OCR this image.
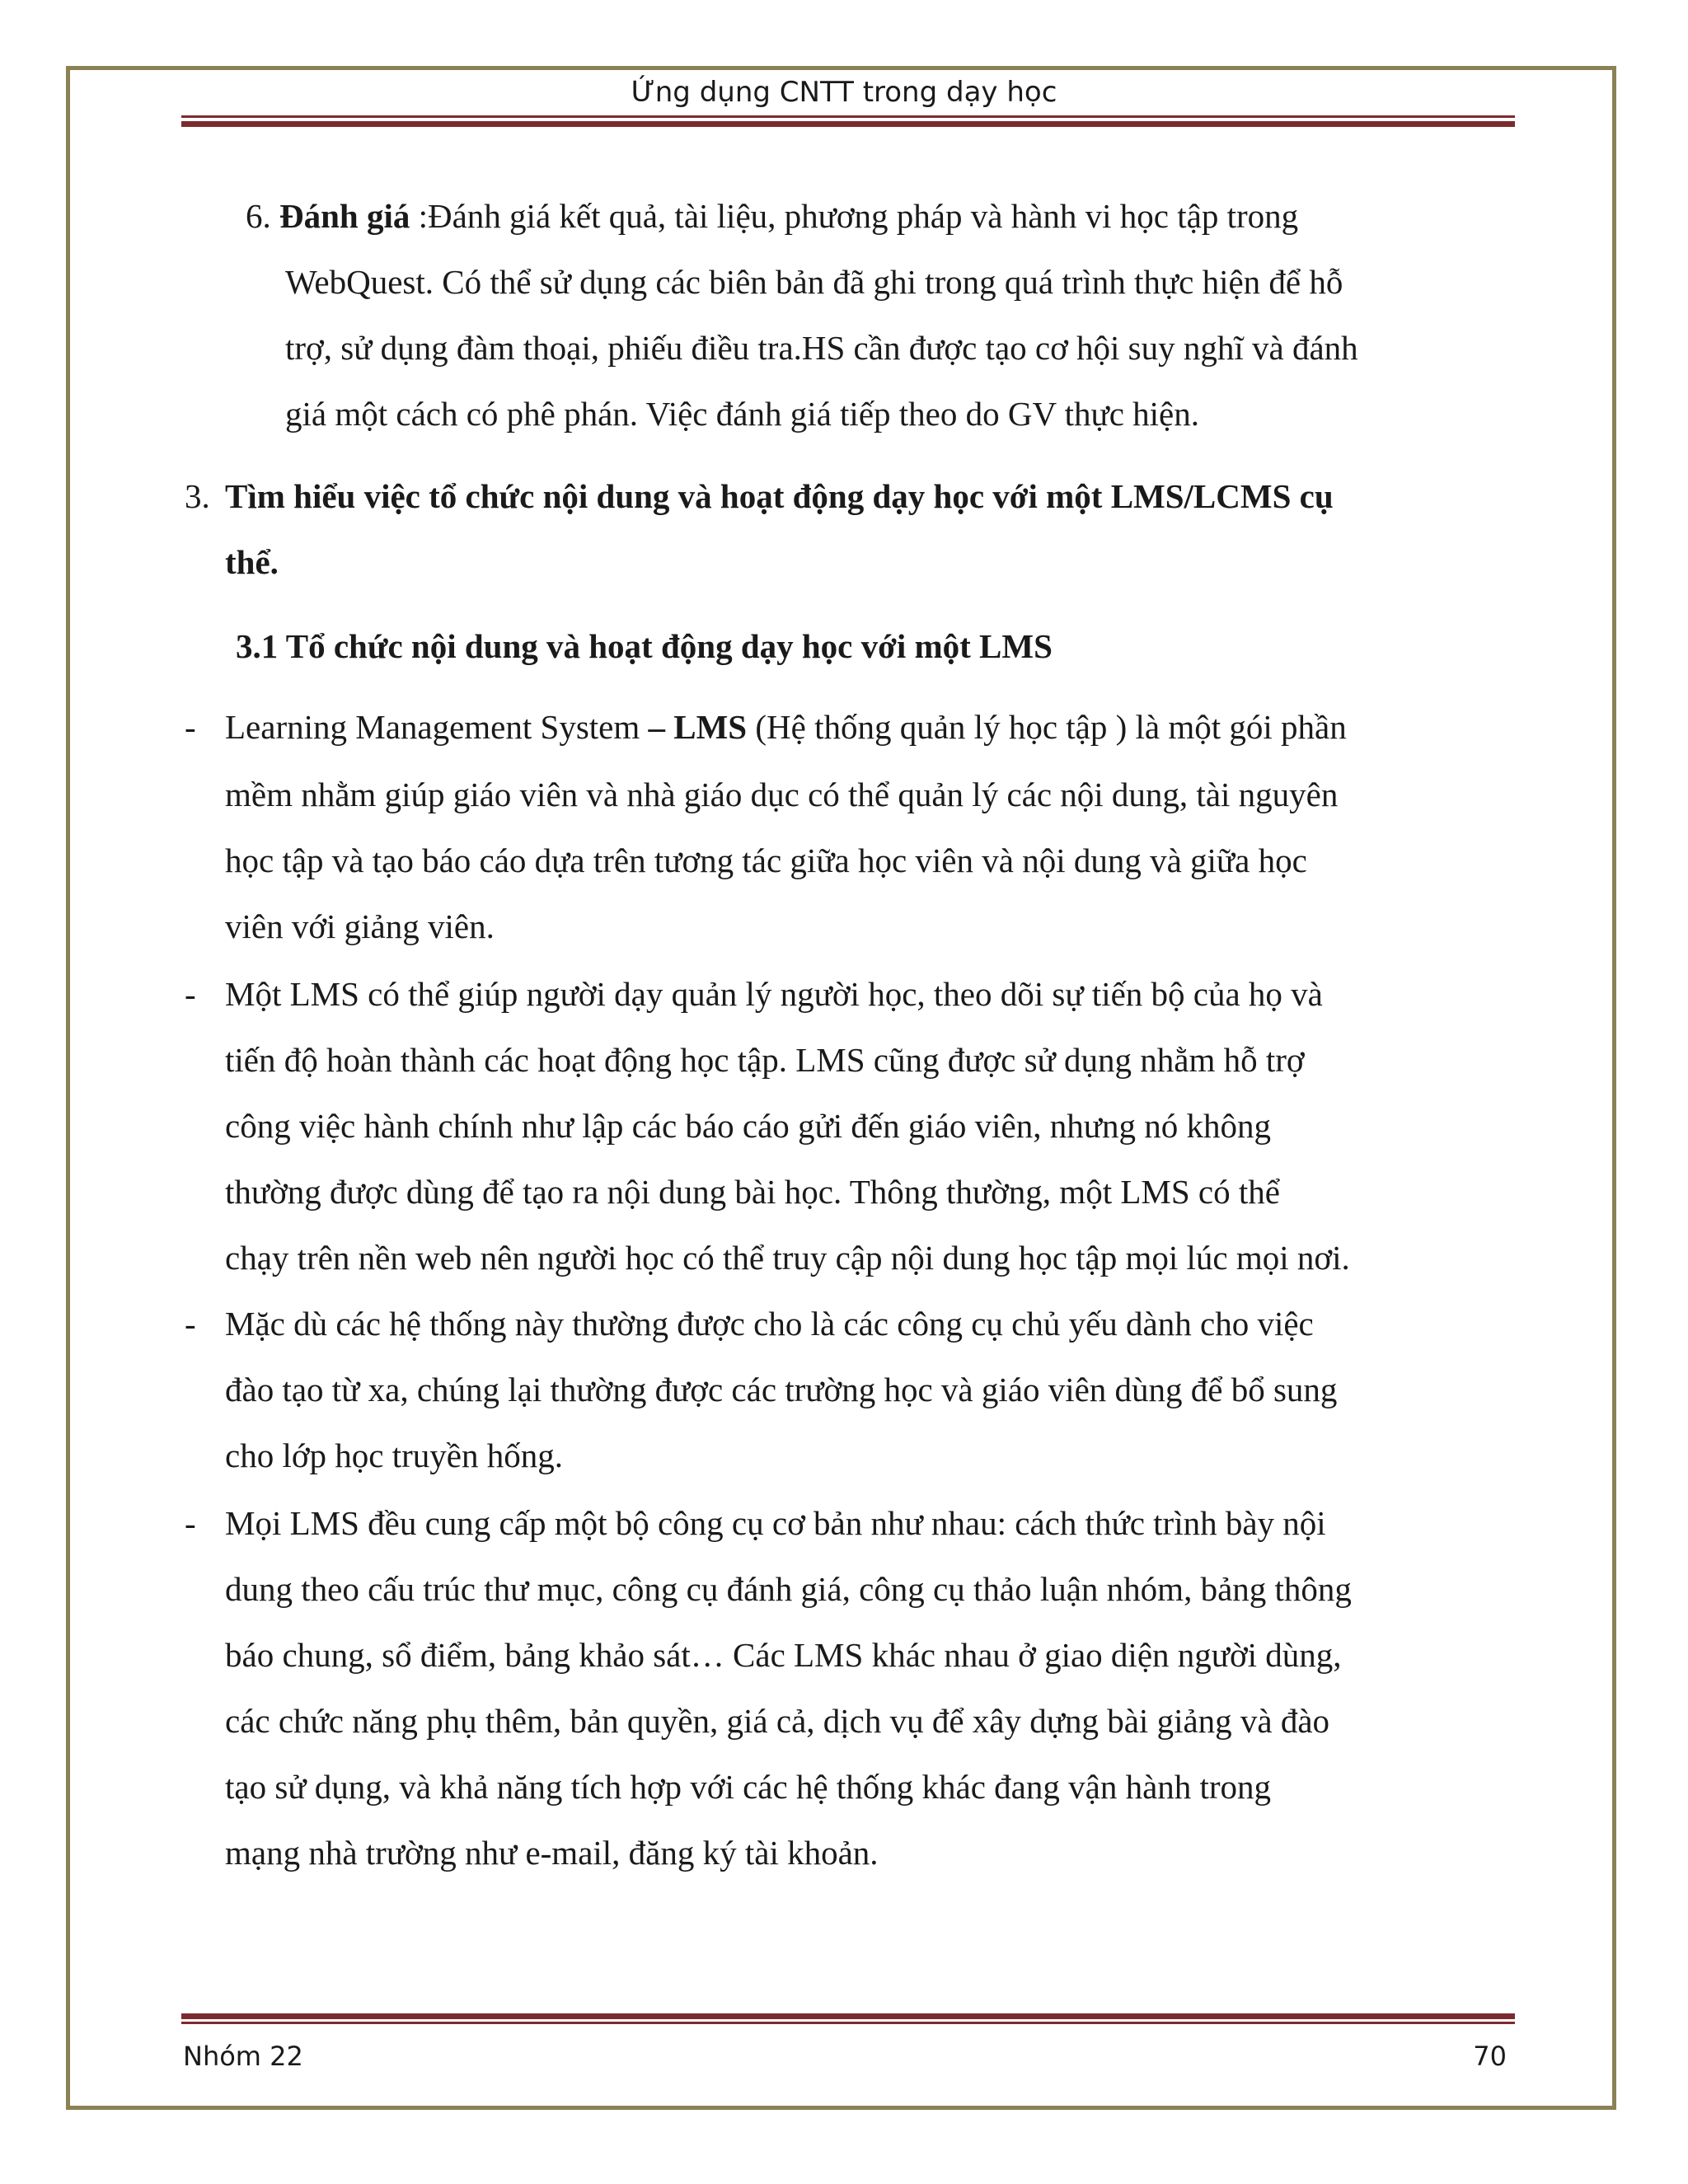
Ứng dụng CNTT trong dạy học
6. Đánh giá :Đánh giá kết quả, tài liệu, phương pháp và hành vi học tập trong
WebQuest. Có thể sử dụng các biên bản đã ghi trong quá trình thực hiện để hỗ
trợ, sử dụng đàm thoại, phiếu điều tra.HS cần được tạo cơ hội suy nghĩ và đánh
giá một cách có phê phán. Việc đánh giá tiếp theo do GV thực hiện.
3. Tìm hiểu việc tổ chức nội dung và hoạt động dạy học với một LMS/LCMS cụ
thể.
3.1 Tổ chức nội dung và hoạt động dạy học với một LMS
- Learning Management System – LMS (Hệ thống quản lý học tập ) là một gói phần
mềm nhằm giúp giáo viên và nhà giáo dục có thể quản lý các nội dung, tài nguyên
học tập và tạo báo cáo dựa trên tương tác giữa học viên và nội dung và giữa học
viên với giảng viên.
- Một LMS có thể giúp người dạy quản lý người học, theo dõi sự tiến bộ của họ và
tiến độ hoàn thành các hoạt động học tập. LMS cũng được sử dụng nhằm hỗ trợ
công việc hành chính như lập các báo cáo gửi đến giáo viên, nhưng nó không
thường được dùng để tạo ra nội dung bài học. Thông thường, một LMS có thể
chạy trên nền web nên người học có thể truy cập nội dung học tập mọi lúc mọi nơi.
- Mặc dù các hệ thống này thường được cho là các công cụ chủ yếu dành cho việc
đào tạo từ xa, chúng lại thường được các trường học và giáo viên dùng để bổ sung
cho lớp học truyền hống.
- Mọi LMS đều cung cấp một bộ công cụ cơ bản như nhau: cách thức trình bày nội
dung theo cấu trúc thư mục, công cụ đánh giá, công cụ thảo luận nhóm, bảng thông
báo chung, sổ điểm, bảng khảo sát… Các LMS khác nhau ở giao diện người dùng,
các chức năng phụ thêm, bản quyền, giá cả, dịch vụ để xây dựng bài giảng và đào
tạo sử dụng, và khả năng tích hợp với các hệ thống khác đang vận hành trong
mạng nhà trường như e-mail, đăng ký tài khoản.
Nhóm 22	70
